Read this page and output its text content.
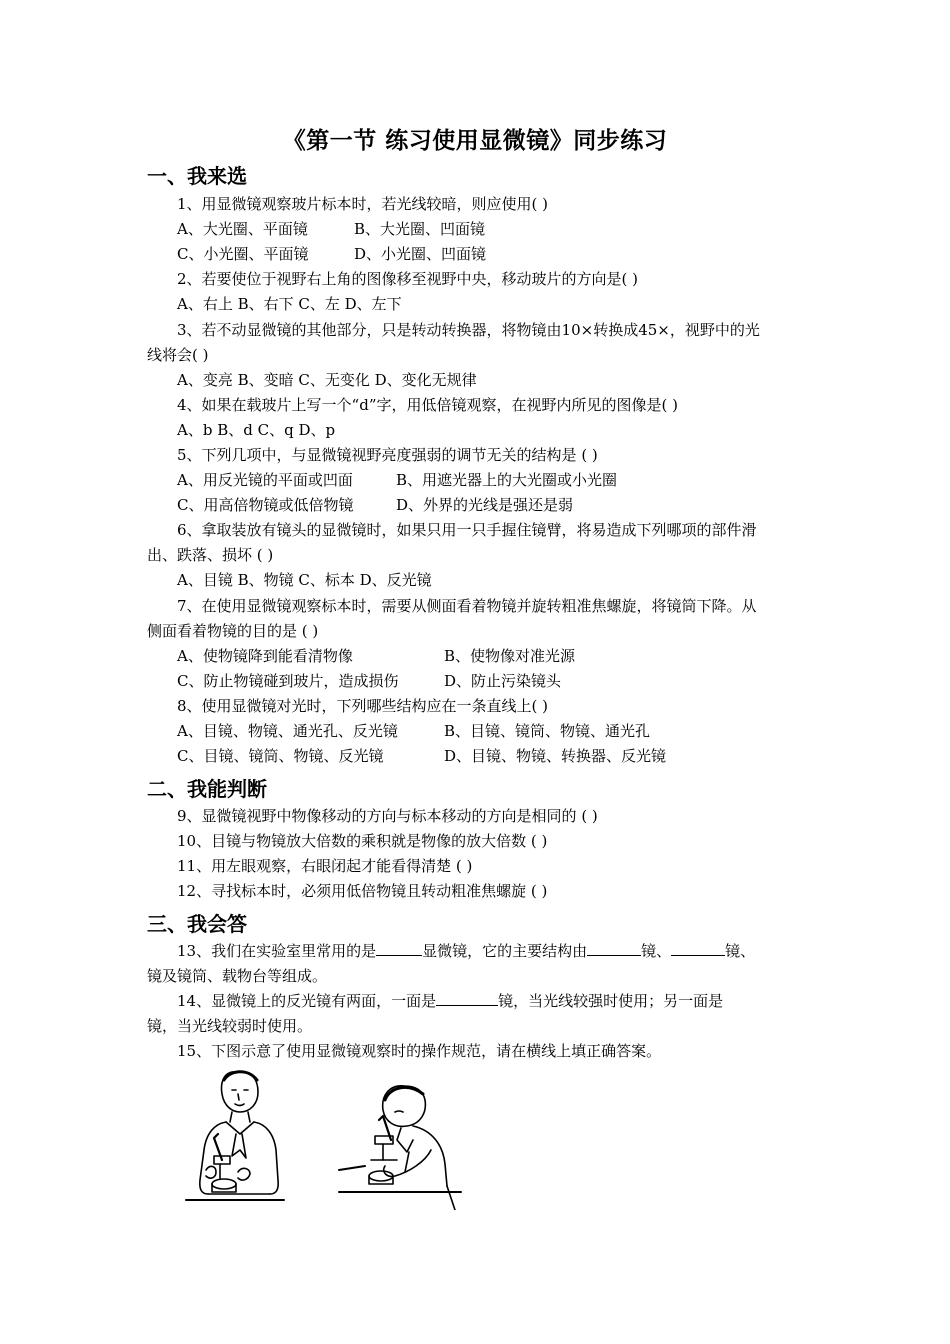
《第一节 练习使用显微镜》同步练习
一、我来选
1、用显微镜观察玻片标本时，若光线较暗，则应使用( )
A、大光圈、平面镜	B、大光圈、凹面镜
C、小光圈、平面镜	D、小光圈、凹面镜
2、若要使位于视野右上角的图像移至视野中央，移动玻片的方向是( )
A、右上 B、右下 C、左 D、左下
3、若不动显微镜的其他部分，只是转动转换器，将物镜由10×转换成45×，视野中的光
线将会( )
A、变亮 B、变暗 C、无变化 D、变化无规律
4、如果在载玻片上写一个“d”字，用低倍镜观察，在视野内所见的图像是( )
A、b B、d C、q D、p
5、下列几项中，与显微镜视野亮度强弱的调节无关的结构是 ( )
A、用反光镜的平面或凹面	B、用遮光器上的大光圈或小光圈
C、用高倍物镜或低倍物镜	D、外界的光线是强还是弱
6、拿取装放有镜头的显微镜时，如果只用一只手握住镜臂，将易造成下列哪项的部件滑
出、跌落、损坏 ( )
A、目镜 B、物镜 C、标本 D、反光镜
7、在使用显微镜观察标本时，需要从侧面看着物镜并旋转粗准焦螺旋，将镜筒下降。从
侧面看着物镜的目的是 ( )
A、使物镜降到能看清物像	B、使物像对准光源
C、防止物镜碰到玻片，造成损伤	D、防止污染镜头
8、使用显微镜对光时，下列哪些结构应在一条直线上( )
A、目镜、物镜、通光孔、反光镜	B、目镜、镜筒、物镜、通光孔
C、目镜、镜筒、物镜、反光镜	D、目镜、物镜、转换器、反光镜
二、我能判断
9、显微镜视野中物像移动的方向与标本移动的方向是相同的 ( )
10、目镜与物镜放大倍数的乘积就是物像的放大倍数 ( )
11、用左眼观察，右眼闭起才能看得清楚 ( )
12、寻找标本时，必须用低倍物镜且转动粗准焦螺旋 ( )
三、我会答
13、我们在实验室里常用的是	显微镜，它的主要结构由	镜、	镜、
镜及镜筒、载物台等组成。
14、显微镜上的反光镜有两面，一面是	镜，当光线较强时使用；另一面是
镜，当光线较弱时使用。
15、下图示意了使用显微镜观察时的操作规范，请在横线上填正确答案。
